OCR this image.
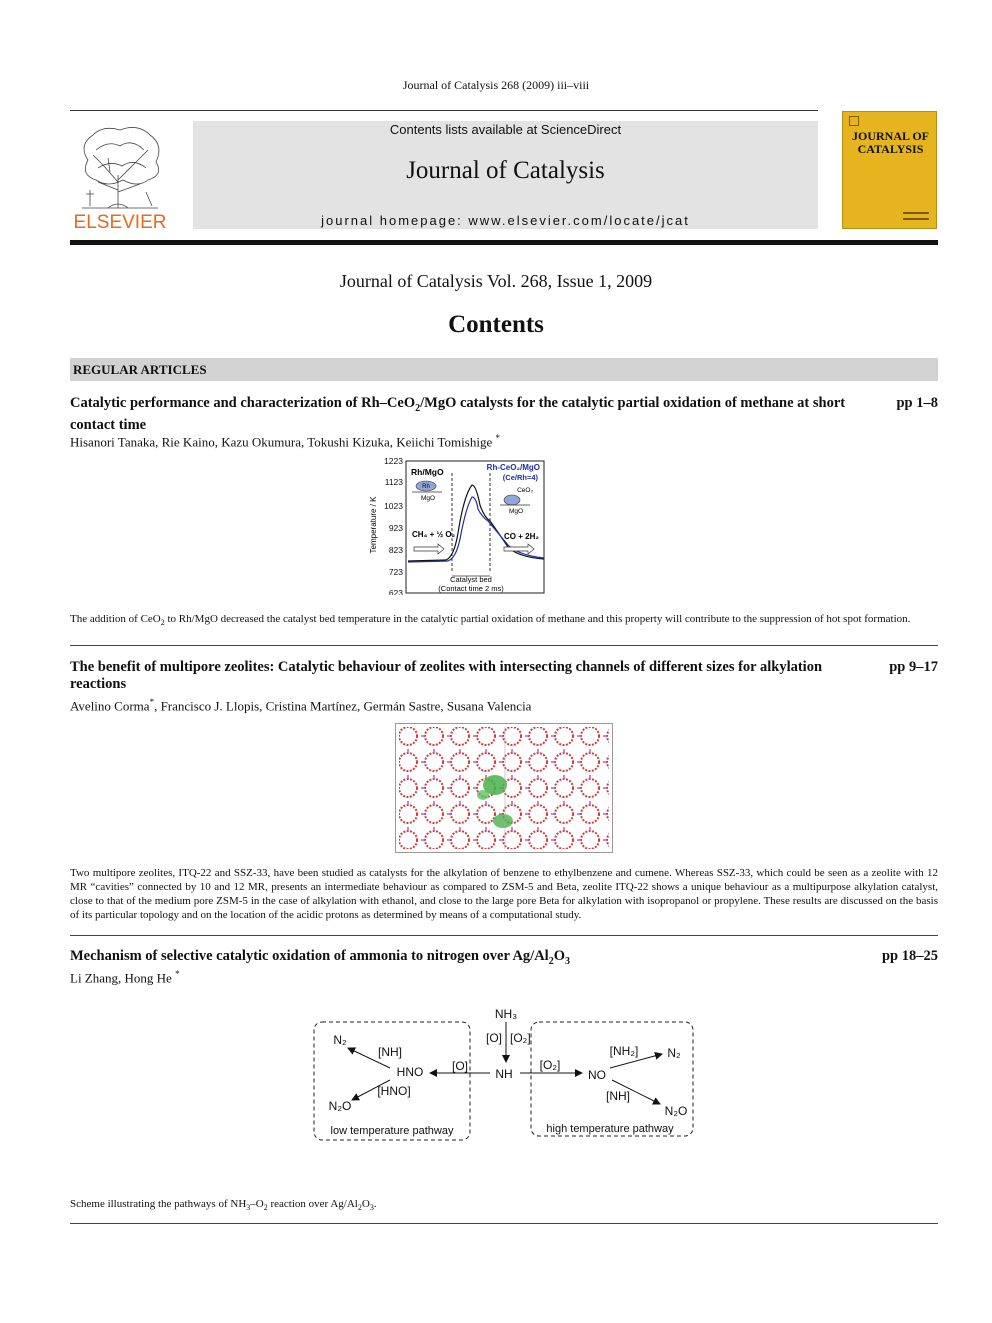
Journal of Catalysis 268 (2009) iii–viii
ELSEVIER
Contents lists available at ScienceDirect
Journal of Catalysis
journal homepage: www.elsevier.com/locate/jcat
JOURNAL OF
CATALYSIS
Journal of Catalysis Vol. 268, Issue 1, 2009
Contents
REGULAR ARTICLES
Catalytic performance and characterization of Rh–CeO$_2$/MgO catalysts for the catalytic partial oxidation of methane at short contact time
pp 1–8
Hisanori Tanaka, Rie Kaino, Kazu Okumura, Tokushi Kizuka, Keiichi Tomishige *
1223
1123
1023
923
823
723
623
Temperature / K
Rh/MgO	Rh-CeO₂/MgO
(Ce/Rh=4)
Rh
MgO
CeO₂
MgO
CH₄ + ½ O₂	CO + 2H₂
Catalyst bed
(Contact time 2 ms)
The addition of CeO$_2$ to Rh/MgO decreased the catalyst bed temperature in the catalytic partial oxidation of methane and this property will contribute to the suppression of hot spot formation.
The benefit of multipore zeolites: Catalytic behaviour of zeolites with intersecting channels of different sizes for alkylation reactions
pp 9–17
Avelino Corma*, Francisco J. Llopis, Cristina Martínez, Germán Sastre, Susana Valencia
Two multipore zeolites, ITQ-22 and SSZ-33, have been studied as catalysts for the alkylation of benzene to ethylbenzene and cumene. Whereas SSZ-33, which could be seen as a zeolite with 12 MR “cavities” connected by 10 and 12 MR, presents an intermediate behaviour as compared to ZSM-5 and Beta, zeolite ITQ-22 shows a unique behaviour as a multipurpose alkylation catalyst, close to that of the medium pore ZSM-5 in the case of alkylation with ethanol, and close to the large pore Beta for alkylation with isopropanol or propylene. These results are discussed on the basis of its particular topology and on the location of the acidic protons as determined by means of a computational study.
Mechanism of selective catalytic oxidation of ammonia to nitrogen over $Ag/Al_2O_3$	pp 18–25
Li Zhang, Hong He *
NH₃
[O] [O₂]
NH
[O]
HNO	[O₂]
NO
N₂
[NH]
N₂O
[HNO]
[NH₂] N₂
[NH]
N₂O
low temperature pathway	high temperature pathway
Scheme illustrating the pathways of $NH_3-O_2$ reaction over $Ag/Al_2O_3$.
